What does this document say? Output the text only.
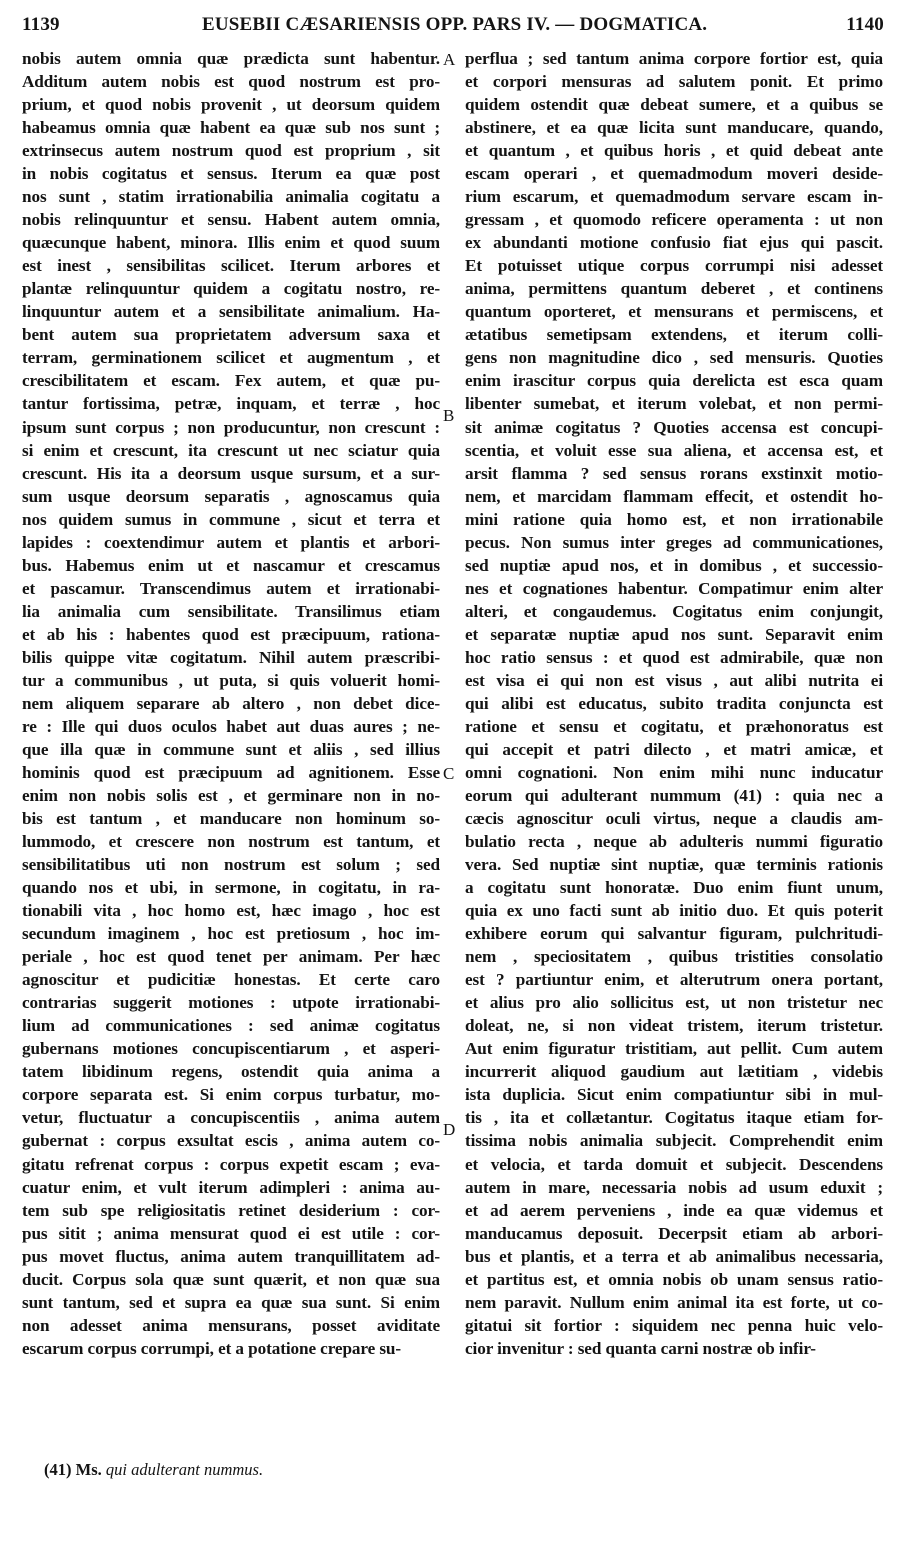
1139	EUSEBII CÆSARIENSIS OPP. PARS IV. — DOGMATICA.	1140
nobis autem omnia quæ prædicta sunt habentur.
Additum autem nobis est quod nostrum est pro-
prium, et quod nobis provenit , ut deorsum quidem
habeamus omnia quæ habent ea quæ sub nos sunt ;
extrinsecus autem nostrum quod est proprium , sit
in nobis cogitatus et sensus. Iterum ea quæ post
nos sunt , statim irrationabilia animalia cogitatu a
nobis relinquuntur et sensu. Habent autem omnia,
quæcunque habent, minora. Illis enim et quod suum
est inest , sensibilitas scilicet. Iterum arbores et
plantæ relinquuntur quidem a cogitatu nostro, re-
linquuntur autem et a sensibilitate animalium. Ha-
bent autem sua proprietatem adversum saxa et
terram, germinationem scilicet et augmentum , et
crescibilitatem et escam. Fex autem, et quæ pu-
tantur fortissima, petræ, inquam, et terræ , hoc
ipsum sunt corpus ; non producuntur, non crescunt :
si enim et crescunt, ita crescunt ut nec sciatur quia
crescunt. His ita a deorsum usque sursum, et a sur-
sum usque deorsum separatis , agnoscamus quia
nos quidem sumus in commune , sicut et terra et
lapides : coextendimur autem et plantis et arbori-
bus. Habemus enim ut et nascamur et crescamus
et pascamur. Transcendimus autem et irrationabi-
lia animalia cum sensibilitate. Transilimus etiam
et ab his : habentes quod est præcipuum, rationa-
bilis quippe vitæ cogitatum. Nihil autem præscribi-
tur a communibus , ut puta, si quis voluerit homi-
nem aliquem separare ab altero , non debet dice-
re : Ille qui duos oculos habet aut duas aures ; ne-
que illa quæ in commune sunt et aliis , sed illius
hominis quod est præcipuum ad agnitionem. Esse
enim non nobis solis est , et germinare non in no-
bis est tantum , et manducare non hominum so-
lummodo, et crescere non nostrum est tantum, et
sensibilitatibus uti non nostrum est solum ; sed
quando nos et ubi, in sermone, in cogitatu, in ra-
tionabili vita , hoc homo est, hæc imago , hoc est
secundum imaginem , hoc est pretiosum , hoc im-
periale , hoc est quod tenet per animam. Per hæc
agnoscitur et pudicitiæ honestas. Et certe caro
contrarias suggerit motiones : utpote irrationabi-
lium ad communicationes : sed animæ cogitatus
gubernans motiones concupiscentiarum , et asperi-
tatem libidinum regens, ostendit quia anima a
corpore separata est. Si enim corpus turbatur, mo-
vetur, fluctuatur a concupiscentiis , anima autem
gubernat : corpus exsultat escis , anima autem co-
gitatu refrenat corpus : corpus expetit escam ; eva-
cuatur enim, et vult iterum adimpleri : anima au-
tem sub spe religiositatis retinet desiderium : cor-
pus sitit ; anima mensurat quod ei est utile : cor-
pus movet fluctus, anima autem tranquillitatem ad-
ducit. Corpus sola quæ sunt quærit, et non quæ sua
sunt tantum, sed et supra ea quæ sua sunt. Si enim
non adesset anima mensurans, posset aviditate
escarum corpus corrumpi, et a potatione crepare su-
perflua ; sed tantum anima corpore fortior est, quia
et corpori mensuras ad salutem ponit. Et primo
quidem ostendit quæ debeat sumere, et a quibus se
abstinere, et ea quæ licita sunt manducare, quando,
et quantum , et quibus horis , et quid debeat ante
escam operari , et quemadmodum moveri deside-
rium escarum, et quemadmodum servare escam in-
gressam , et quomodo reficere operamenta : ut non
ex abundanti motione confusio fiat ejus qui pascit.
Et potuisset utique corpus corrumpi nisi adesset
anima, permittens quantum deberet , et continens
quantum oporteret, et mensurans et permiscens, et
ætatibus semetipsam extendens, et iterum colli-
gens non magnitudine dico , sed mensuris. Quoties
enim irascitur corpus quia derelicta est esca quam
libenter sumebat, et iterum volebat, et non permi-
sit animæ cogitatus ? Quoties accensa est concupi-
scentia, et voluit esse sua aliena, et accensa est, et
arsit flamma ? sed sensus rorans exstinxit motio-
nem, et marcidam flammam effecit, et ostendit ho-
mini ratione quia homo est, et non irrationabile
pecus. Non sumus inter greges ad communicationes,
sed nuptiæ apud nos, et in domibus , et successio-
nes et cognationes habentur. Compatimur enim alter
alteri, et congaudemus. Cogitatus enim conjungit,
et separatæ nuptiæ apud nos sunt. Separavit enim
hoc ratio sensus : et quod est admirabile, quæ non
est visa ei qui non est visus , aut alibi nutrita ei
qui alibi est educatus, subito tradita conjuncta est
ratione et sensu et cogitatu, et præhonoratus est
qui accepit et patri dilecto , et matri amicæ, et
omni cognationi. Non enim mihi nunc inducatur
eorum qui adulterant nummum (41) : quia nec a
cæcis agnoscitur oculi virtus, neque a claudis am-
bulatio recta , neque ab adulteris nummi figuratio
vera. Sed nuptiæ sint nuptiæ, quæ terminis rationis
a cogitatu sunt honoratæ. Duo enim fiunt unum,
quia ex uno facti sunt ab initio duo. Et quis poterit
exhibere eorum qui salvantur figuram, pulchritudi-
nem , speciositatem , quibus tristities consolatio
est ? partiuntur enim, et alterutrum onera portant,
et alius pro alio sollicitus est, ut non tristetur nec
doleat, ne, si non videat tristem, iterum tristetur.
Aut enim figuratur tristitiam, aut pellit. Cum autem
incurrerit aliquod gaudium aut lætitiam , videbis
ista duplicia. Sicut enim compatiuntur sibi in mul-
tis , ita et collætantur. Cogitatus itaque etiam for-
tissima nobis animalia subjecit. Comprehendit enim
et velocia, et tarda domuit et subjecit. Descendens
autem in mare, necessaria nobis ad usum eduxit ;
et ad aerem perveniens , inde ea quæ videmus et
manducamus deposuit. Decerpsit etiam ab arbori-
bus et plantis, et a terra et ab animalibus necessaria,
et partitus est, et omnia nobis ob unam sensus ratio-
nem paravit. Nullum enim animal ita est forte, ut co-
gitatui sit fortior : siquidem nec penna huic velo-
cior invenitur : sed quanta carni nostræ ob infir-
A
B
C
D
(41) Ms. qui adulterant nummus.
